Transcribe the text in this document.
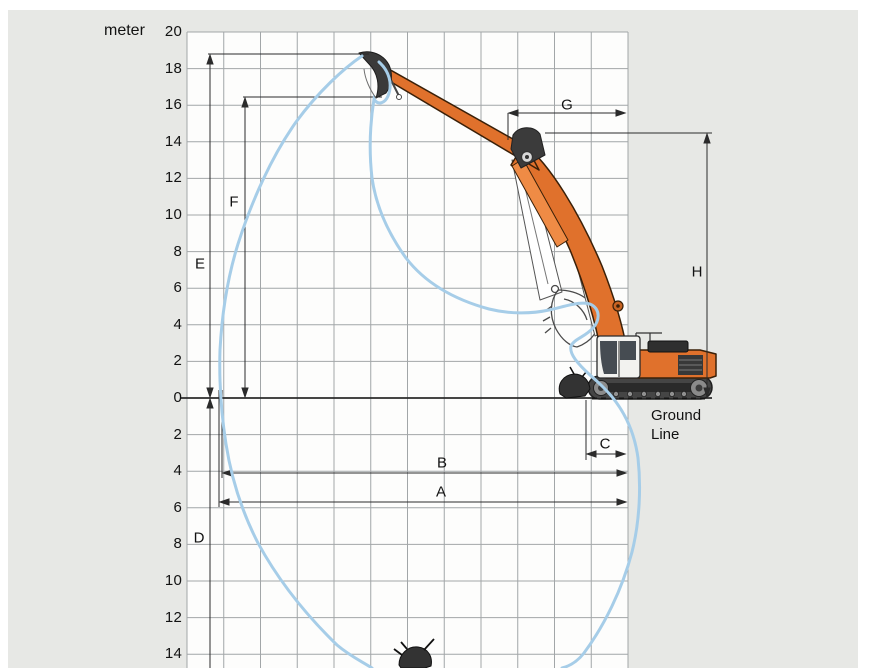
meter
Ground
Line
20
18
16
14
12
10
8
6
4
2
0
2
4
6
8
10
12
14
A
B
C
D
E
F
G
H
